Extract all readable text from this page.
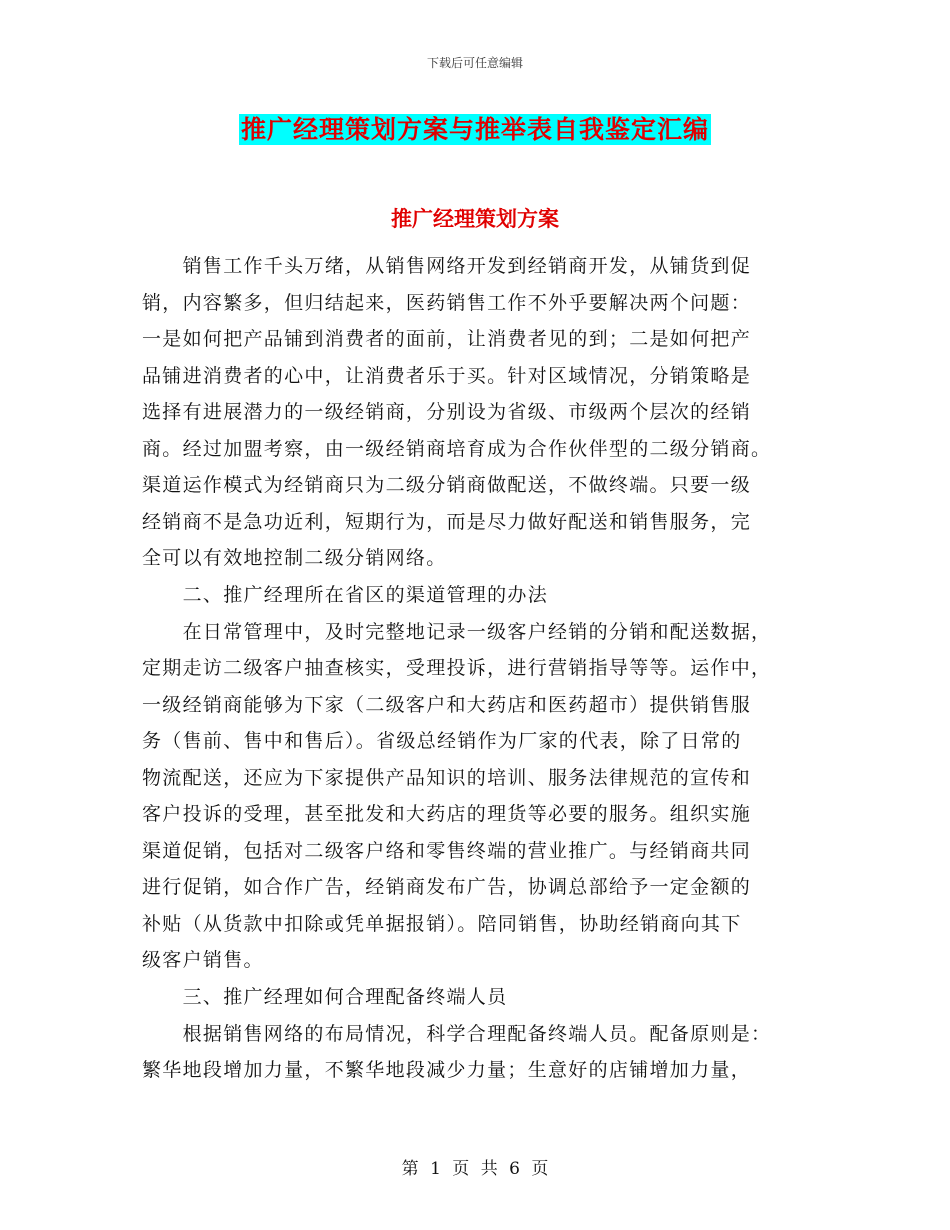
下载后可任意编辑
推广经理策划方案与推举表自我鉴定汇编
推广经理策划方案
　　销售工作千头万绪，从销售网络开发到经销商开发，从铺货到促
销，内容繁多，但归结起来，医药销售工作不外乎要解决两个问题：
一是如何把产品铺到消费者的面前，让消费者见的到；二是如何把产
品铺进消费者的心中，让消费者乐于买。针对区域情况，分销策略是
选择有进展潜力的一级经销商，分别设为省级、市级两个层次的经销
商。经过加盟考察，由一级经销商培育成为合作伙伴型的二级分销商。
渠道运作模式为经销商只为二级分销商做配送，不做终端。只要一级
经销商不是急功近利，短期行为，而是尽力做好配送和销售服务，完
全可以有效地控制二级分销网络。
　　二、推广经理所在省区的渠道管理的办法
　　在日常管理中，及时完整地记录一级客户经销的分销和配送数据，
定期走访二级客户抽查核实，受理投诉，进行营销指导等等。运作中，
一级经销商能够为下家（二级客户和大药店和医药超市）提供销售服
务（售前、售中和售后）。省级总经销作为厂家的代表，除了日常的
物流配送，还应为下家提供产品知识的培训、服务法律规范的宣传和
客户投诉的受理，甚至批发和大药店的理货等必要的服务。组织实施
渠道促销，包括对二级客户络和零售终端的营业推广。与经销商共同
进行促销，如合作广告，经销商发布广告，协调总部给予一定金额的
补贴（从货款中扣除或凭单据报销）。陪同销售，协助经销商向其下
级客户销售。
　　三、推广经理如何合理配备终端人员
　　根据销售网络的布局情况，科学合理配备终端人员。配备原则是：
繁华地段增加力量，不繁华地段减少力量；生意好的店铺增加力量，
第 1 页 共 6 页
